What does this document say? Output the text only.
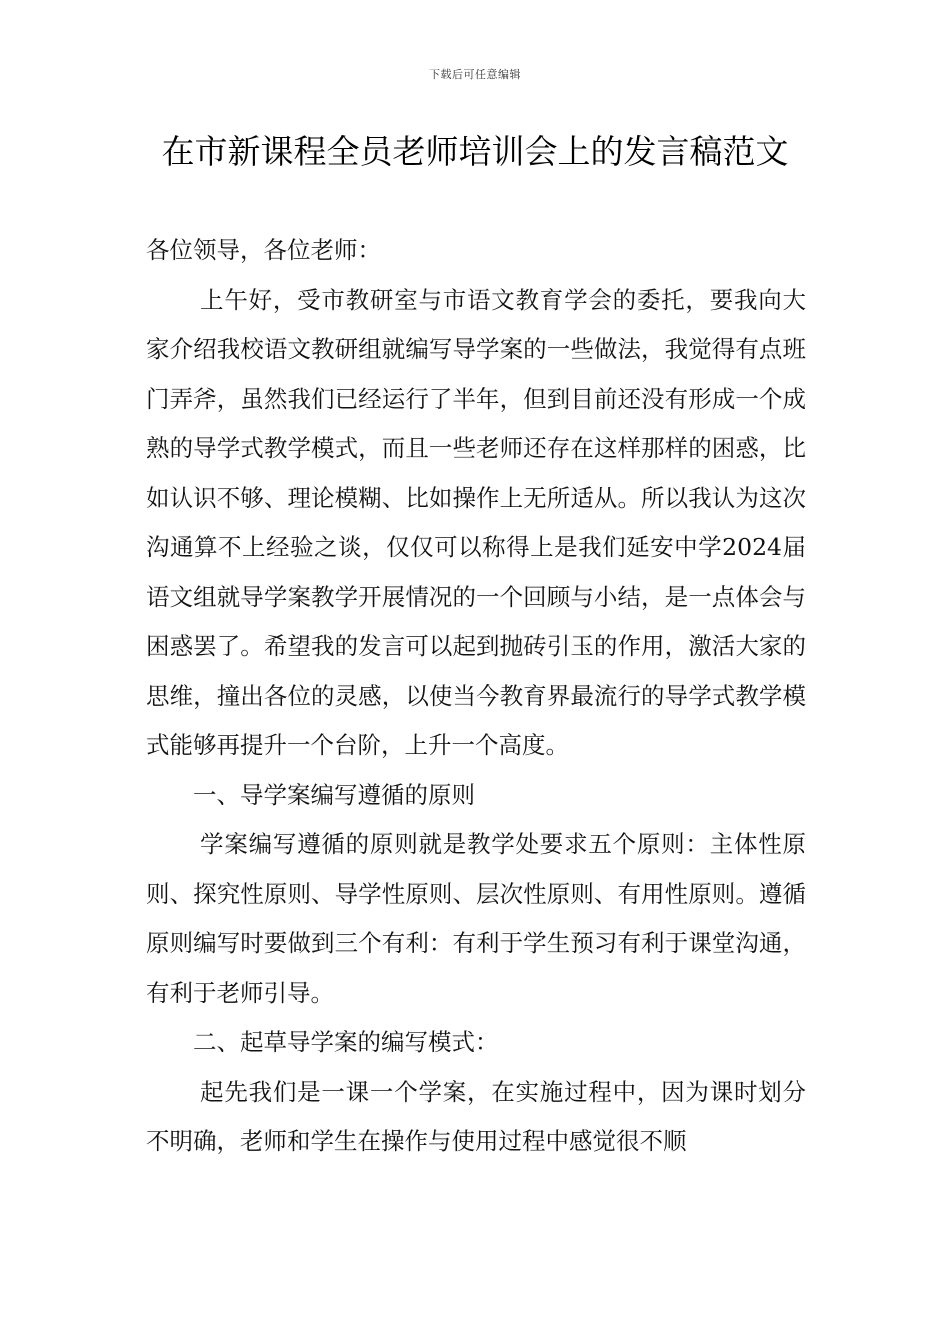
下载后可任意编辑
在市新课程全员老师培训会上的发言稿范文

各位领导，各位老师：

上午好，受市教研室与市语文教育学会的委托，要我向大家介绍我校语文教研组就编写导学案的一些做法，我觉得有点班门弄斧，虽然我们已经运行了半年，但到目前还没有形成一个成熟的导学式教学模式，而且一些老师还存在这样那样的困惑，比如认识不够、理论模糊、比如操作上无所适从。所以我认为这次沟通算不上经验之谈，仅仅可以称得上是我们延安中学2024届语文组就导学案教学开展情况的一个回顾与小结，是一点体会与困惑罢了。希望我的发言可以起到抛砖引玉的作用，激活大家的思维，撞出各位的灵感，以使当今教育界最流行的导学式教学模式能够再提升一个台阶，上升一个高度。

一、导学案编写遵循的原则

学案编写遵循的原则就是教学处要求五个原则：主体性原则、探究性原则、导学性原则、层次性原则、有用性原则。遵循原则编写时要做到三个有利：有利于学生预习有利于课堂沟通，有利于老师引导。

二、起草导学案的编写模式：

起先我们是一课一个学案，在实施过程中，因为课时划分不明确，老师和学生在操作与使用过程中感觉很不顺
